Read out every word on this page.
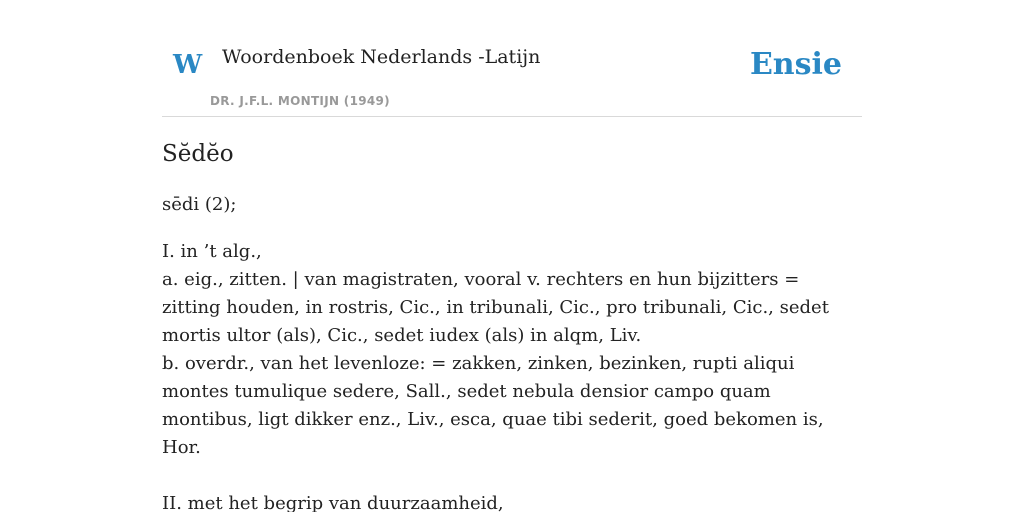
W Woordenboek Nederlands -Latijn
DR. J.F.L. MONTIJN (1949)
Ensie
Sĕdĕo
sēdi (2);

I. in ’t alg.,

a. eig., zitten. | van magistraten, vooral v. rechters en hun bijzitters = zitting houden, in rostris, Cic., in tribunali, Cic., pro tribunali, Cic., sedet mortis ultor (als), Cic., sedet iudex (als) in alqm, Liv.

b. overdr., van het levenloze: = zakken, zinken, bezinken, rupti aliqui montes tumulique sedere, Sall., sedet nebula densior campo quam montibus, ligt dikker enz., Liv., esca, quae tibi sederit, goed bekomen is, Hor.

II. met het begrip van duurzaamheid,
